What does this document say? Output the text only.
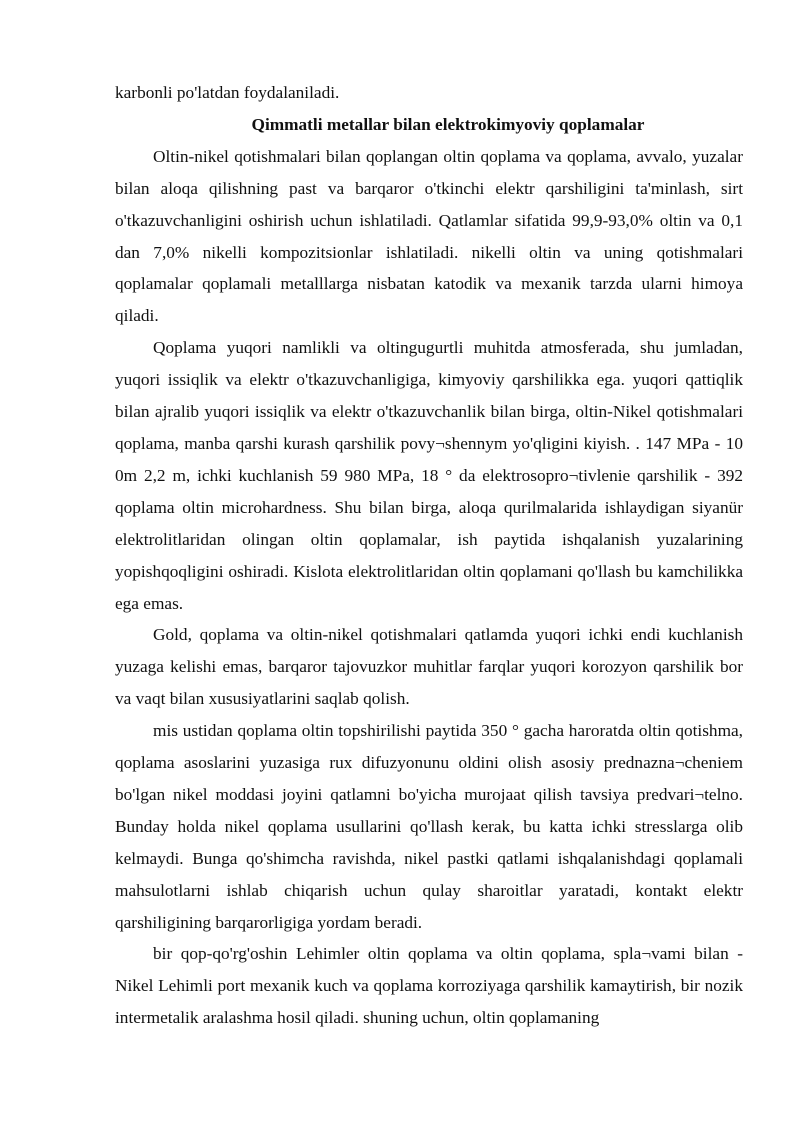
karbonli po'latdan foydalaniladi.

Qimmatli metallar bilan elektrokimyoviy qoplamalar

Oltin-nikel qotishmalari bilan qoplangan oltin qoplama va qoplama, avvalo, yuzalar bilan aloqa qilishning past va barqaror o'tkinchi elektr qarshiligini ta'minlash, sirt o'tkazuvchanligini oshirish uchun ishlatiladi. Qatlamlar sifatida 99,9-93,0% oltin va 0,1 dan 7,0% nikelli kompozitsionlar ishlatiladi. nikelli oltin va uning qotishmalari qoplamalar qoplamali metalllarga nisbatan katodik va mexanik tarzda ularni himoya qiladi.

Qoplama yuqori namlikli va oltingugurtli muhitda atmosferada, shu jumladan, yuqori issiqlik va elektr o'tkazuvchanligiga, kimyoviy qarshilikka ega. yuqori qattiqlik bilan ajralib yuqori issiqlik va elektr o'tkazuvchanlik bilan birga, oltin-Nikel qotishmalari qoplama, manba qarshi kurash qarshilik povy¬shennym yo'qligini kiyish. . 147 MPa - 10 0m 2,2 m, ichki kuchlanish 59 980 MPa, 18 ° da elektrosopro¬tivlenie qarshilik - 392 qoplama oltin microhardness. Shu bilan birga, aloqa qurilmalarida ishlaydigan siyanür elektrolitlaridan olingan oltin qoplamalar, ish paytida ishqalanish yuzalarining yopishqoqligini oshiradi. Kislota elektrolitlaridan oltin qoplamani qo'llash bu kamchilikka ega emas.

Gold, qoplama va oltin-nikel qotishmalari qatlamda yuqori ichki endi kuchlanish yuzaga kelishi emas, barqaror tajovuzkor muhitlar farqlar yuqori korozyon qarshilik bor va vaqt bilan xususiyatlarini saqlab qolish.

mis ustidan qoplama oltin topshirilishi paytida 350 ° gacha haroratda oltin qotishma, qoplama asoslarini yuzasiga rux difuzyonunu oldini olish asosiy prednazna¬cheniem bo'lgan nikel moddasi joyini qatlamni bo'yicha murojaat qilish tavsiya predvari¬telno. Bunday holda nikel qoplama usullarini qo'llash kerak, bu katta ichki stresslarga olib kelmaydi. Bunga qo'shimcha ravishda, nikel pastki qatlami ishqalanishdagi qoplamali mahsulotlarni ishlab chiqarish uchun qulay sharoitlar yaratadi, kontakt elektr qarshiligining barqarorligiga yordam beradi.

bir qop-qo'rg'oshin Lehimler oltin qoplama va oltin qoplama, spla¬vami bilan - Nikel Lehimli port mexanik kuch va qoplama korroziyaga qarshilik kamaytirish, bir nozik intermetalik aralashma hosil qiladi. shuning uchun, oltin qoplamaning
